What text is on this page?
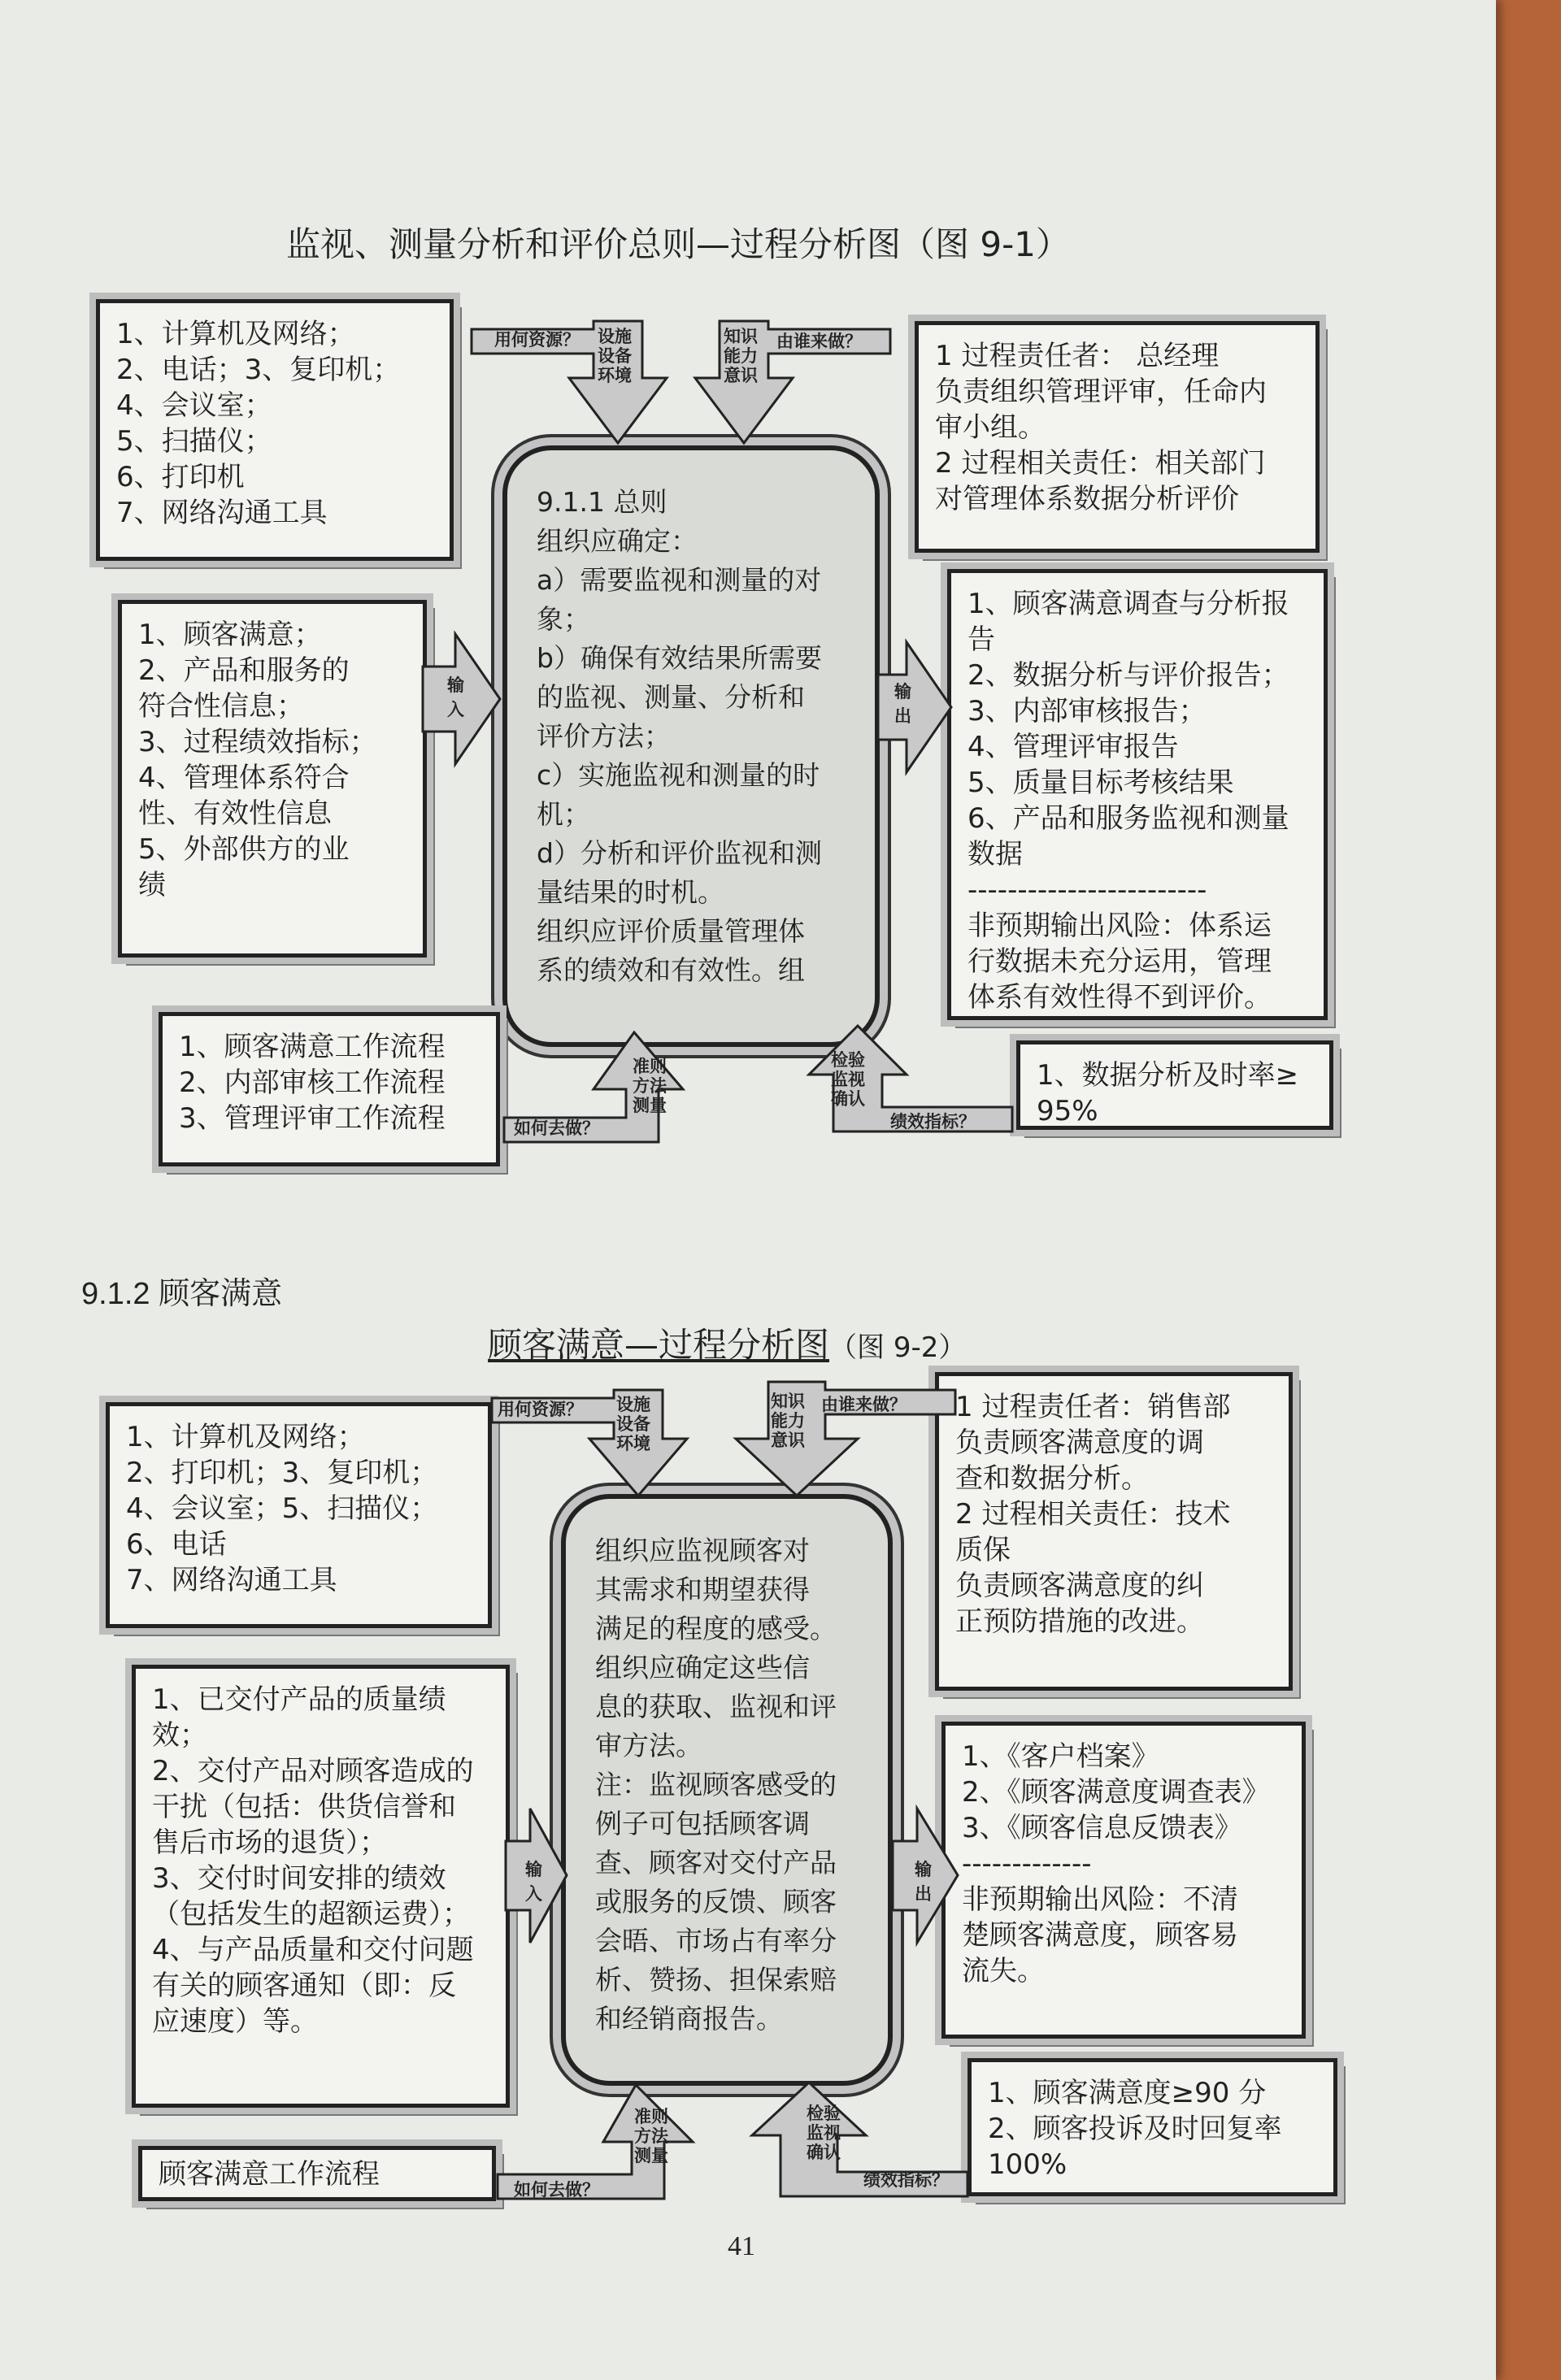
监视、测量分析和评价总则—过程分析图（图 9-1）
1、计算机及网络；
2、电话；3、复印机；
4、会议室；
5、扫描仪；
6、打印机
7、网络沟通工具
1、顾客满意；
2、产品和服务的
符合性信息；
3、过程绩效指标；
4、管理体系符合
性、有效性信息
5、外部供方的业
绩
9.1.1 总则
组织应确定：
a）需要监视和测量的对
象；
b）确保有效结果所需要
的监视、测量、分析和
评价方法；
c）实施监视和测量的时
机；
d）分析和评价监视和测
量结果的时机。
组织应评价质量管理体
系的绩效和有效性。组
1 过程责任者： 总经理
负责组织管理评审，任命内
审小组。
2 过程相关责任：相关部门
对管理体系数据分析评价
1、顾客满意调查与分析报
告
2、数据分析与评价报告；
3、内部审核报告；
4、管理评审报告
5、质量目标考核结果
6、产品和服务监视和测量
数据
------------------------
非预期输出风险：体系运
行数据未充分运用，管理
体系有效性得不到评价。
1、顾客满意工作流程
2、内部审核工作流程
3、管理评审工作流程
1、数据分析及时率≥
95%
用何资源？ 设施
设备
环境
知识
能力
意识
由谁来做？
输入
输出
如何去做？
准则
方法
测量
检验
监视
确认
绩效指标？
9.1.2 顾客满意
顾客满意—过程分析图（图 9-2）
1、计算机及网络；
2、打印机；3、复印机；
4、会议室；5、扫描仪；
6、电话
7、网络沟通工具
1、已交付产品的质量绩
效；
2、交付产品对顾客造成的
干扰（包括：供货信誉和
售后市场的退货）；
3、交付时间安排的绩效
（包括发生的超额运费）；
4、与产品质量和交付问题
有关的顾客通知（即：反
应速度）等。
组织应监视顾客对
其需求和期望获得
满足的程度的感受。
组织应确定这些信
息的获取、监视和评
审方法。
注：监视顾客感受的
例子可包括顾客调
查、顾客对交付产品
或服务的反馈、顾客
会晤、市场占有率分
析、赞扬、担保索赔
和经销商报告。
1 过程责任者：销售部
负责顾客满意度的调
查和数据分析。
2 过程相关责任：技术
质保
负责顾客满意度的纠
正预防措施的改进。
1、《客户档案》
2、《顾客满意度调查表》
3、《顾客信息反馈表》
-------------
非预期输出风险：不清
楚顾客满意度，顾客易
流失。
顾客满意工作流程
1、顾客满意度≥90 分
2、顾客投诉及时回复率
100%
用何资源？ 设施
设备
环境
知识
能力
意识
由谁来做？
输入
输出
如何去做？
准则
方法
测量
检验
监视
确认
绩效指标？
41
